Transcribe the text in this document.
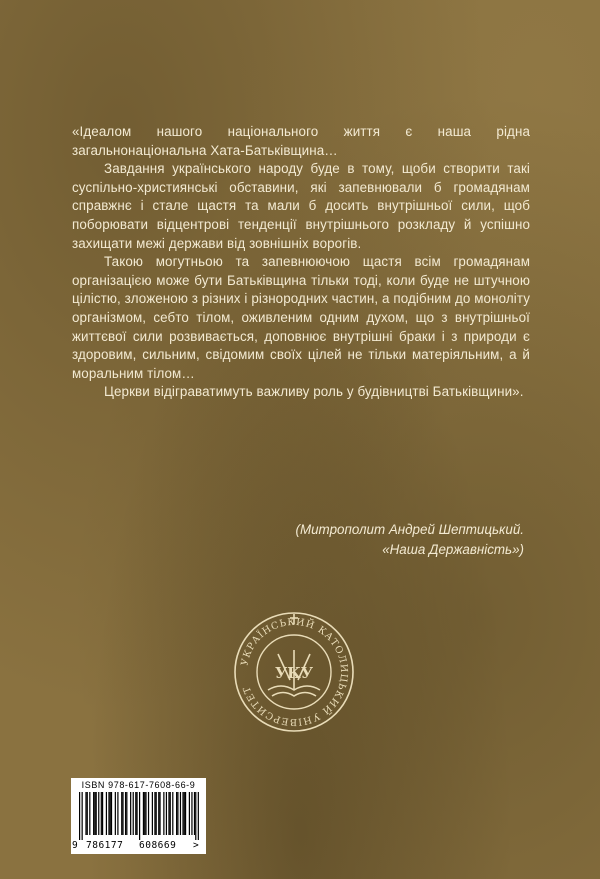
«Ідеалом нашого національного життя є наша рідна загальнонаціональна Хата-Батьківщина…

Завдання українського народу буде в тому, щоби створити такі суспільно-християнські обставини, які запевнювали б громадянам справжнє і стале щастя та мали б досить внутрішньої сили, щоб поборювати відцентрові тенденції внутрішнього розкладу й успішно захищати межі держави від зовнішніх ворогів.

Такою могутньою та запевнюючою щастя всім громадянам організацією може бути Батьківщина тільки тоді, коли буде не штучною цілістю, зложеною з різних і різнородних частин, а подібним до моноліту організмом, себто тілом, оживленим одним духом, що з внутрішньої життєвої сили розвивається, доповнює внутрішні браки і з природи є здоровим, сильним, свідомим своїх цілей не тільки матеріяльним, а й моральним тілом…

Церкви відіграватимуть важливу роль у будівництві Батьківщини».

(Митрополит Андрей Шептицький.
«Наша Державність»)
УКРАЇНСЬКИЙ КАТОЛИЦЬКИЙ УНІВЕРСИТЕТ
УКУ
ISBN 978-617-7608-66-9
9 786177 608669 >
